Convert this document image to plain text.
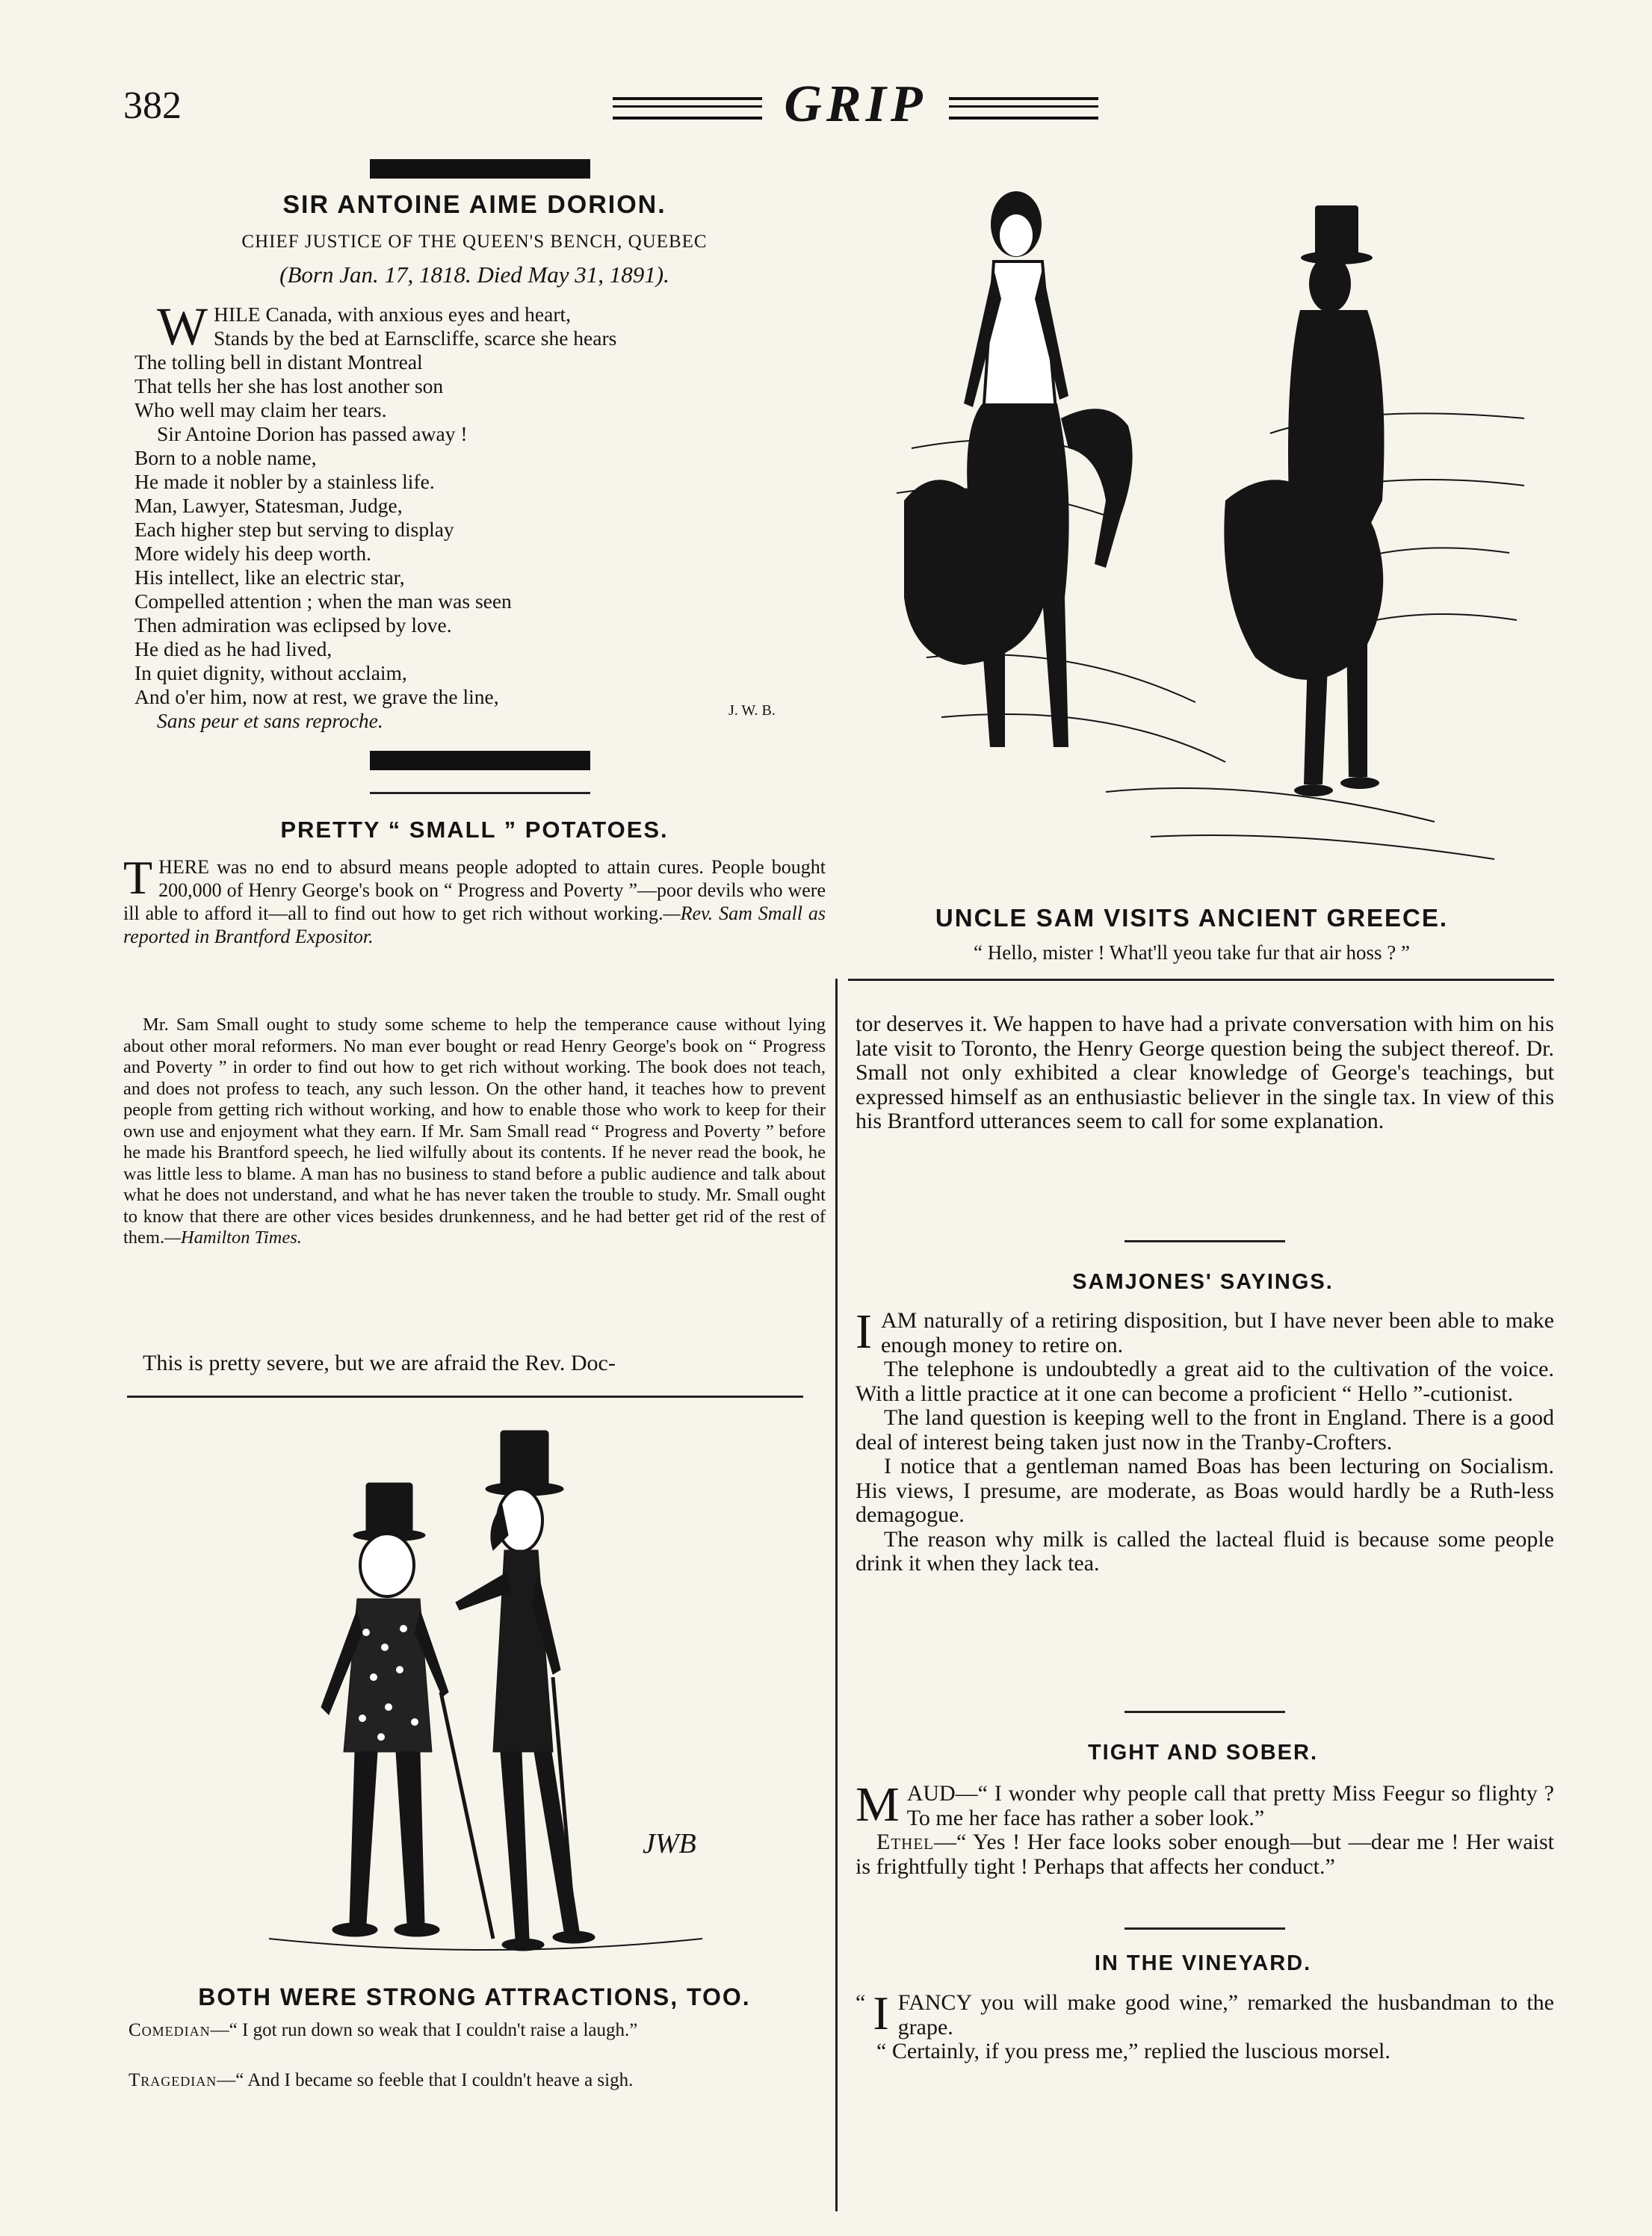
382	GRIP
SIR ANTOINE AIME DORION.
CHIEF JUSTICE OF THE QUEEN'S BENCH, QUEBEC
(Born Jan. 17, 1818. Died May 31, 1891).
W HILE Canada, with anxious eyes and heart,
Stands by the bed at Earnscliffe, scarce she hears
The tolling bell in distant Montreal
That tells her she has lost another son
Who well may claim her tears.
Sir Antoine Dorion has passed away !
Born to a noble name,
He made it nobler by a stainless life.
Man, Lawyer, Statesman, Judge,
Each higher step but serving to display
More widely his deep worth.
His intellect, like an electric star,
Compelled attention ; when the man was seen
Then admiration was eclipsed by love.
He died as he had lived,
In quiet dignity, without acclaim,
And o'er him, now at rest, we grave the line,
Sans peur et sans reproche.	J. W. B.
PRETTY “ SMALL ” POTATOES.
THERE was no end to absurd means people adopted to attain cures. People bought 200,000 of Henry George's book on “ Progress and Poverty ”—poor devils who were ill able to afford it—all to find out how to get rich without working.—Rev. Sam Small as reported in Brantford Expositor.
Mr. Sam Small ought to study some scheme to help the temperance cause without lying about other moral reformers. No man ever bought or read Henry George's book on “ Progress and Poverty ” in order to find out how to get rich without working. The book does not teach, and does not profess to teach, any such lesson. On the other hand, it teaches how to prevent people from getting rich without working, and how to enable those who work to keep for their own use and enjoyment what they earn. If Mr. Sam Small read “ Progress and Poverty ” before he made his Brantford speech, he lied wilfully about its contents. If he never read the book, he was little less to blame. A man has no business to stand before a public audience and talk about what he does not understand, and what he has never taken the trouble to study. Mr. Small ought to know that there are other vices besides drunkenness, and he had better get rid of the rest of them.—Hamilton Times.
This is pretty severe, but we are afraid the Rev. Doc-
JWB
BOTH WERE STRONG ATTRACTIONS, TOO.
Comedian—“ I got run down so weak that I couldn't raise a laugh.”
Tragedian—“ And I became so feeble that I couldn't heave a sigh.
UNCLE SAM VISITS ANCIENT GREECE.
“ Hello, mister ! What'll yeou take fur that air hoss ? ”
tor deserves it. We happen to have had a private conversation with him on his late visit to Toronto, the Henry George question being the subject thereof. Dr. Small not only exhibited a clear knowledge of George's teachings, but expressed himself as an enthusiastic believer in the single tax. In view of this his Brantford utterances seem to call for some explanation.
SAMJONES' SAYINGS.

IAM naturally of a retiring disposition, but I have never been able to make enough money to retire on.

The telephone is undoubtedly a great aid to the cultivation of the voice. With a little practice at it one can become a proficient “ Hello ”-cutionist.

The land question is keeping well to the front in England. There is a good deal of interest being taken just now in the Tranby-Crofters.

I notice that a gentleman named Boas has been lecturing on Socialism. His views, I presume, are moderate, as Boas would hardly be a Ruth-less demagogue.

The reason why milk is called the lacteal fluid is because some people drink it when they lack tea.

TIGHT AND SOBER.

MAUD—“ I wonder why people call that pretty Miss Feegur so flighty ? To me her face has rather a sober look.”

Ethel—“ Yes ! Her face looks sober enough—but —dear me ! Her waist is frightfully tight ! Perhaps that affects her conduct.”

IN THE VINEYARD.

“ I FANCY you will make good wine,” remarked the husbandman to the grape.

“ Certainly, if you press me,” replied the luscious morsel.
